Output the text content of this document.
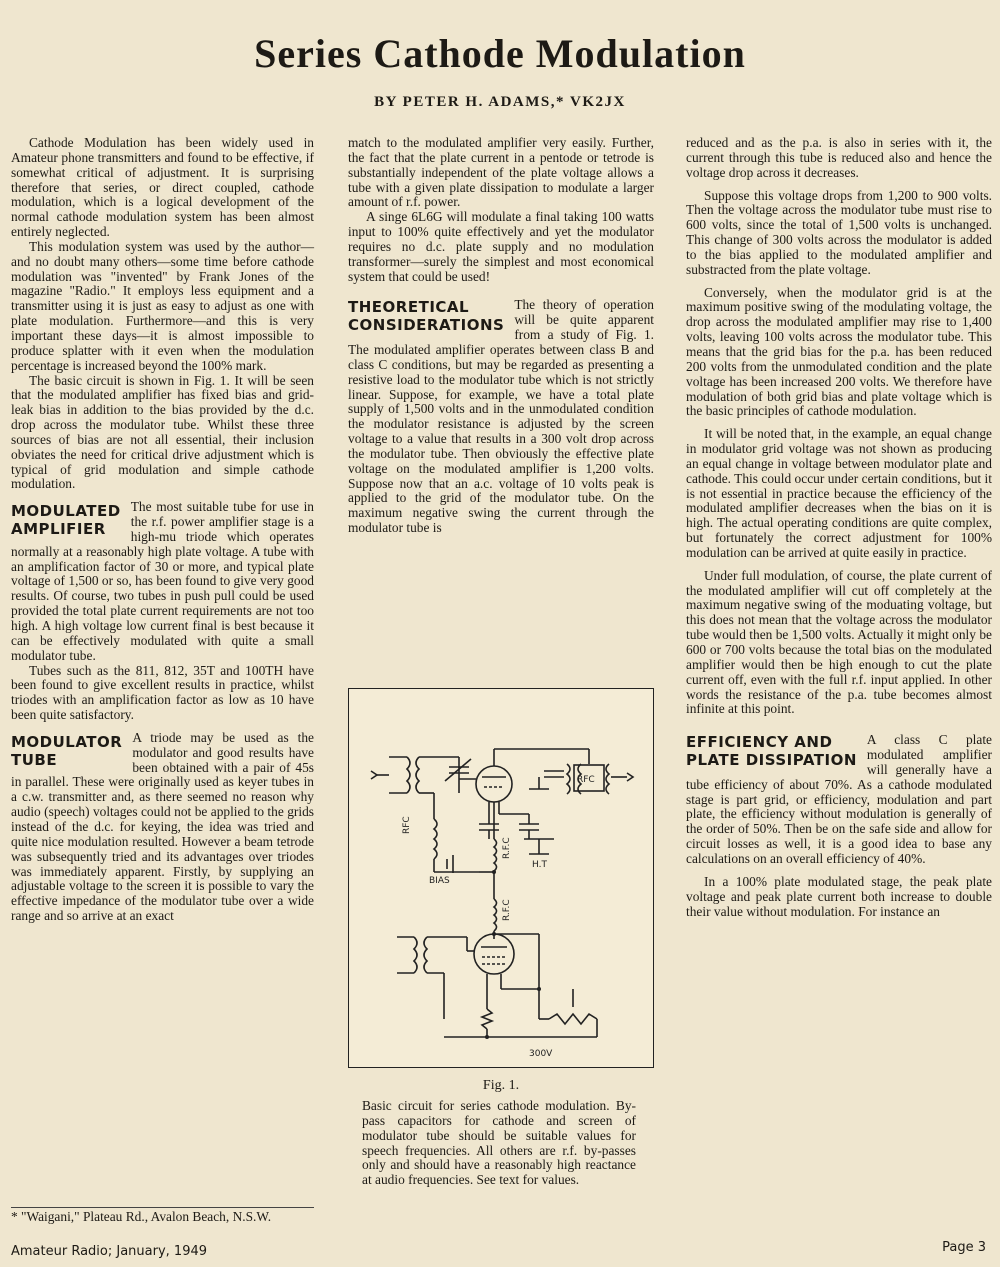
Series Cathode Modulation
BY PETER H. ADAMS,* VK2JX

Cathode Modulation has been widely used in Amateur phone transmitters and found to be effective, if somewhat critical of adjustment. It is surprising therefore that series, or direct coupled, cathode modulation, which is a logical development of the normal cathode modulation system has been almost entirely neglected.

This modulation system was used by the author—and no doubt many others—some time before cathode modulation was "invented" by Frank Jones of the magazine "Radio." It employs less equipment and a transmitter using it is just as easy to adjust as one with plate modulation. Furthermore—and this is very important these days—it is almost impossible to produce splatter with it even when the modulation percentage is increased beyond the 100% mark.

The basic circuit is shown in Fig. 1. It will be seen that the modulated amplifier has fixed bias and grid-leak bias in addition to the bias provided by the d.c. drop across the modulator tube. Whilst these three sources of bias are not all essential, their inclusion obviates the need for critical drive adjustment which is typical of grid modulation and simple cathode modulation.

MODULATED
AMPLIFIER

The most suitable tube for use in the r.f. power amplifier stage is a high-mu triode which operates normally at a reasonably high plate voltage. A tube with an amplification factor of 30 or more, and typical plate voltage of 1,500 or so, has been found to give very good results. Of course, two tubes in push pull could be used provided the total plate current requirements are not too high. A high voltage low current final is best because it can be effectively modulated with quite a small modulator tube.

Tubes such as the 811, 812, 35T and 100TH have been found to give excellent results in practice, whilst triodes with an amplification factor as low as 10 have been quite satisfactory.

MODULATOR
TUBE

A triode may be used as the modulator and good results have been obtained with a pair of 45s in parallel. These were originally used as keyer tubes in a c.w. transmitter and, as there seemed no reason why audio (speech) voltages could not be applied to the grids instead of the d.c. for keying, the idea was tried and quite nice modulation resulted. However a beam tetrode was subsequently tried and its advantages over triodes was immediately apparent. Firstly, by supplying an adjustable voltage to the screen it is possible to vary the effective impedance of the modulator tube over a wide range and so arrive at an exact

* "Waigani," Plateau Rd., Avalon Beach, N.S.W.

match to the modulated amplifier very easily. Further, the fact that the plate current in a pentode or tetrode is substantially independent of the plate voltage allows a tube with a given plate dissipation to modulate a larger amount of r.f. power.

A singe 6L6G will modulate a final taking 100 watts input to 100% quite effectively and yet the modulator requires no d.c. plate supply and no modulation transformer—surely the simplest and most economical system that could be used!

THEORETICAL
CONSIDERATIONS

The theory of operation will be quite apparent from a study of Fig. 1. The modulated amplifier operates between class B and class C conditions, but may be regarded as presenting a resistive load to the modulator tube which is not strictly linear. Suppose, for example, we have a total plate supply of 1,500 volts and in the unmodulated condition the modulator resistance is adjusted by the screen voltage to a value that results in a 300 volt drop across the modulator tube. Then obviously the effective plate voltage on the modulated amplifier is 1,200 volts. Suppose now that an a.c. voltage of 10 volts peak is applied to the grid of the modulator tube. On the maximum negative swing the current through the modulator tube is

RFC
R.F.C
R.F.C
RFC
H.T
BIAS
300V
Fig. 1.
Basic circuit for series cathode modulation. By-pass capacitors for cathode and screen of modulator tube should be suitable values for speech frequencies. All others are r.f. by-passes only and should have a reasonably high reactance at audio frequencies. See text for values.

reduced and as the p.a. is also in series with it, the current through this tube is reduced also and hence the voltage drop across it decreases.

Suppose this voltage drops from 1,200 to 900 volts. Then the voltage across the modulator tube must rise to 600 volts, since the total of 1,500 volts is unchanged. This change of 300 volts across the modulator is added to the bias applied to the modulated amplifier and substracted from the plate voltage.

Conversely, when the modulator grid is at the maximum positive swing of the modulating voltage, the drop across the modulated amplifier may rise to 1,400 volts, leaving 100 volts across the modulator tube. This means that the grid bias for the p.a. has been reduced 200 volts from the unmodulated condition and the plate voltage has been increased 200 volts. We therefore have modulation of both grid bias and plate voltage which is the basic principles of cathode modulation.

It will be noted that, in the example, an equal change in modulator grid voltage was not shown as producing an equal change in voltage between modulator plate and cathode. This could occur under certain conditions, but it is not essential in practice because the efficiency of the modulated amplifier decreases when the bias on it is high. The actual operating conditions are quite complex, but fortunately the correct adjustment for 100% modulation can be arrived at quite easily in practice.

Under full modulation, of course, the plate current of the modulated amplifier will cut off completely at the maximum negative swing of the moduating voltage, but this does not mean that the voltage across the modulator tube would then be 1,500 volts. Actually it might only be 600 or 700 volts because the total bias on the modulated amplifier would then be high enough to cut the plate current off, even with the full r.f. input applied. In other words the resistance of the p.a. tube becomes almost infinite at this point.

EFFICIENCY AND
PLATE DISSIPATION

A class C plate modulated amplifier will generally have a tube efficiency of about 70%. As a cathode modulated stage is part grid, or efficiency, modulation and part plate, the efficiency without modulation is generally of the order of 50%. Then be on the safe side and allow for circuit losses as well, it is a good idea to base any calculations on an overall efficiency of 40%.

In a 100% plate modulated stage, the peak plate voltage and peak plate current both increase to double their value without modulation. For instance an

Amateur Radio; January, 1949	Page 3
